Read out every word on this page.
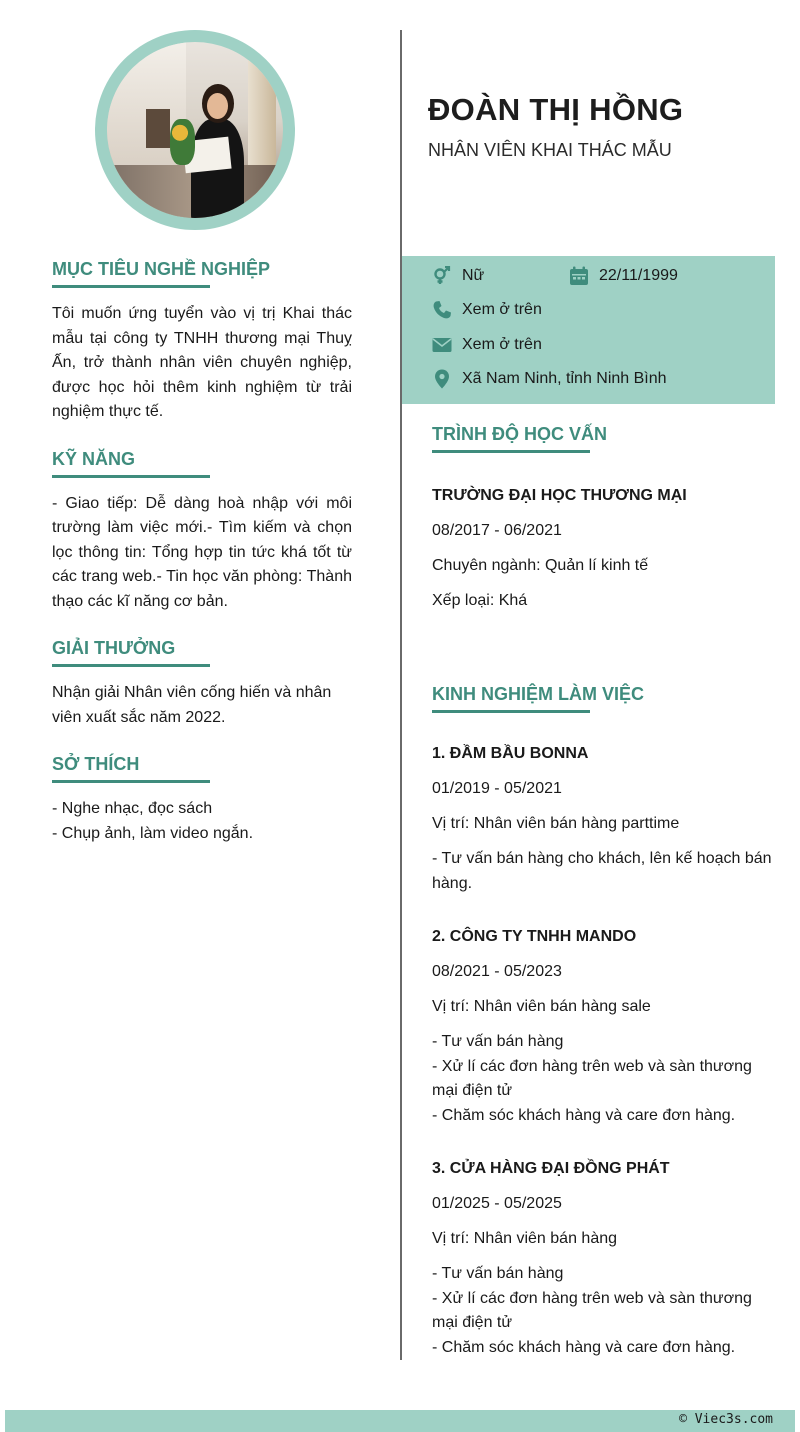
ĐOÀN THỊ HỒNG

NHÂN VIÊN KHAI THÁC MẪU

MỤC TIÊU NGHỀ NGHIỆP

Tôi muốn ứng tuyển vào vị trị Khai thác mẫu tại công ty TNHH thương mại Thuỵ Ấn, trở thành nhân viên chuyên nghiệp, được học hỏi thêm kinh nghiệm từ trải nghiệm thực tế.

KỸ NĂNG

- Giao tiếp: Dễ dàng hoà nhập với môi trường làm việc mới.- Tìm kiếm và chọn lọc thông tin: Tổng hợp tin tức khá tốt từ các trang web.- Tin học văn phòng: Thành thạo các kĩ năng cơ bản.

GIẢI THƯỞNG

Nhận giải Nhân viên cống hiến và nhân viên xuất sắc năm 2022.

SỞ THÍCH

- Nghe nhạc, đọc sách
- Chụp ảnh, làm video ngắn.

Nữ	22/11/1999
Xem ở trên
Xem ở trên
Xã Nam Ninh, tỉnh Ninh Bình
TRÌNH ĐỘ HỌC VẤN

TRƯỜNG ĐẠI HỌC THƯƠNG MẠI

08/2017 - 06/2021

Chuyên ngành: Quản lí kinh tế

Xếp loại: Khá

KINH NGHIỆM LÀM VIỆC

1. ĐẦM BẦU BONNA

01/2019 - 05/2021

Vị trí: Nhân viên bán hàng parttime

- Tư vấn bán hàng cho khách, lên kế hoạch bán hàng.

2. CÔNG TY TNHH MANDO

08/2021 - 05/2023

Vị trí: Nhân viên bán hàng sale

- Tư vấn bán hàng
- Xử lí các đơn hàng trên web và sàn thương mại điện tử
- Chăm sóc khách hàng và care đơn hàng.

3. CỬA HÀNG ĐẠI ĐỒNG PHÁT

01/2025 - 05/2025

Vị trí: Nhân viên bán hàng

- Tư vấn bán hàng
- Xử lí các đơn hàng trên web và sàn thương mại điện tử
- Chăm sóc khách hàng và care đơn hàng.

© Viec3s.com
